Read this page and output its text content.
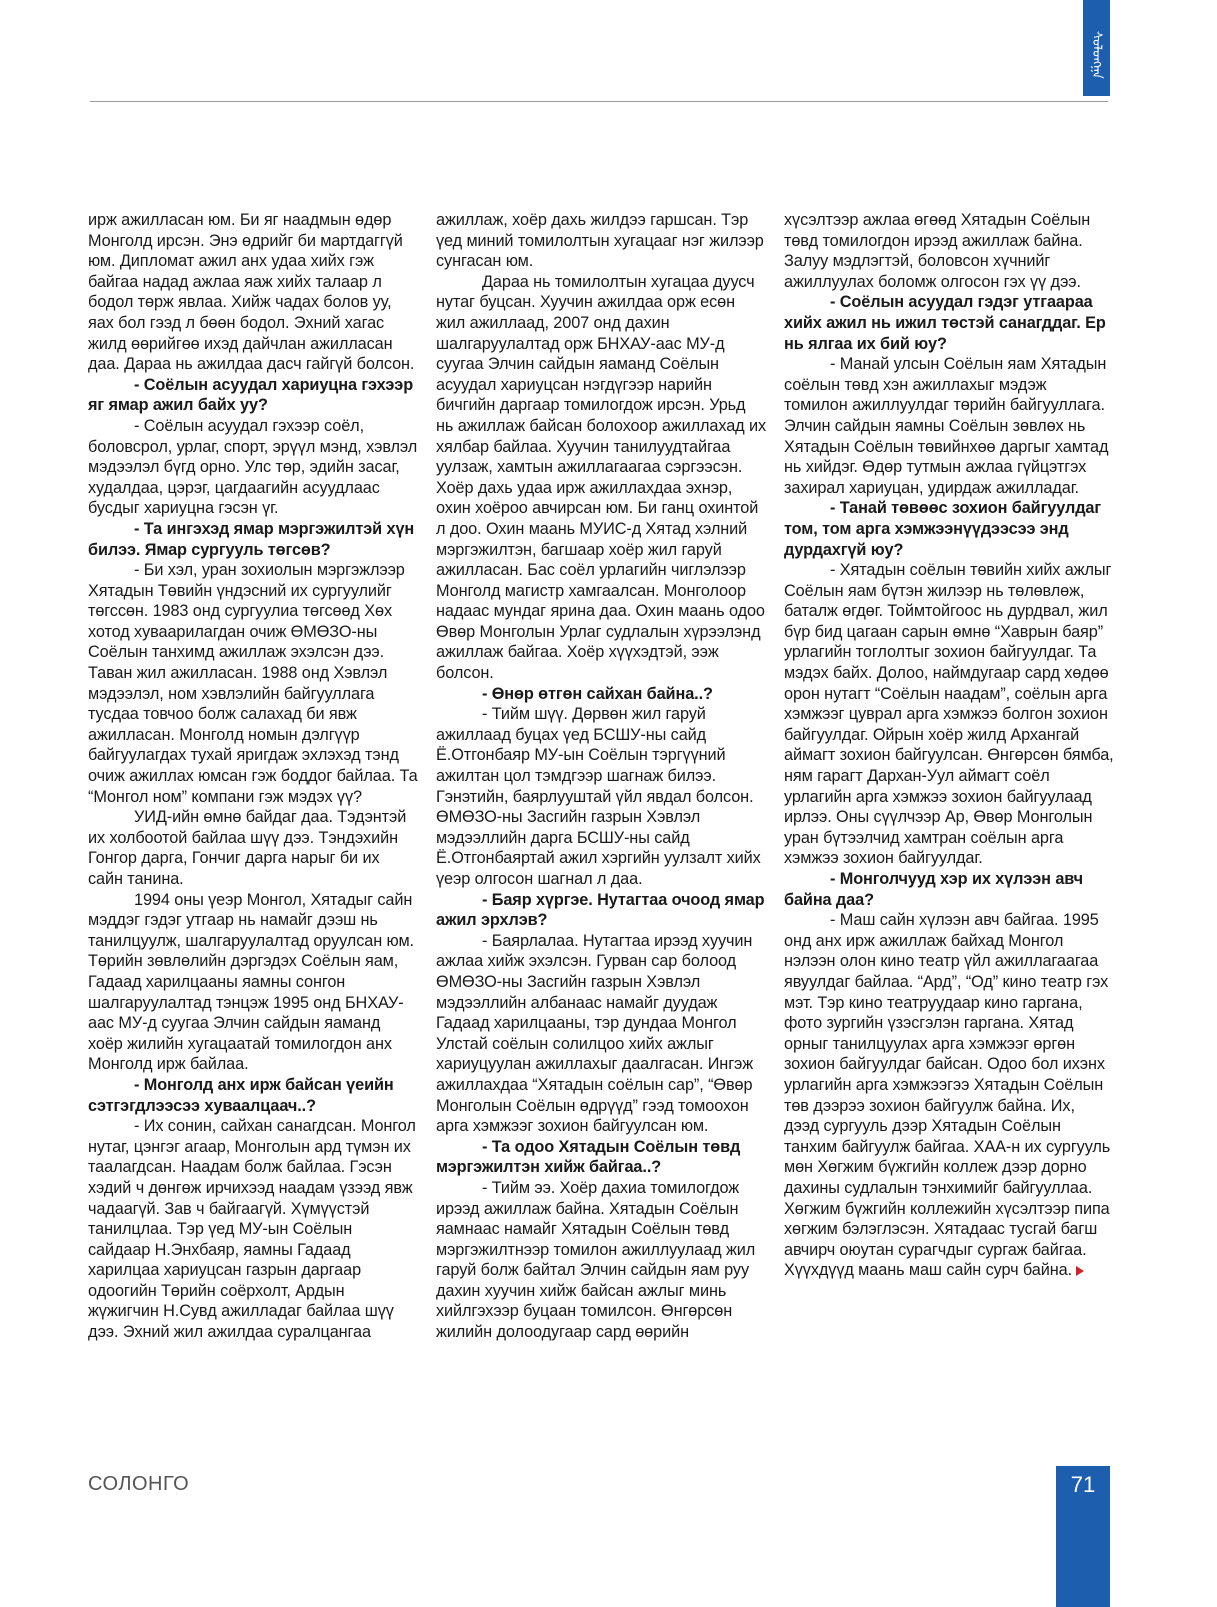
ᠰᠣᠯᠣᠩᠭ᠋ᠠ

ирж ажилласан юм. Би яг наадмын өдөр Монголд ирсэн. Энэ өдрийг би мартдаггүй юм. Дипломат ажил анх удаа хийх гэж байгаа надад ажлаа яаж хийх талаар л бодол төрж явлаа. Хийж чадах болов уу, яах бол гээд л бөөн бодол. Эхний хагас жилд өөрийгөө ихэд дайчлан ажилласан даа. Дараа нь ажилдаа дасч гайгүй болсон.

- Соёлын асуудал хариуцна гэхээр яг ямар ажил байх уу?

- Соёлын асуудал гэхээр соёл, боловсрол, урлаг, спорт, эрүүл мэнд, хэвлэл мэдээлэл бүгд орно. Улс төр, эдийн засаг, худалдаа, цэрэг, цагдаагийн асуудлаас бусдыг хариуцна гэсэн үг.

- Та ингэхэд ямар мэргэжилтэй хүн билээ. Ямар сургууль төгсөв?

- Би хэл, уран зохиолын мэргэжлээр Хятадын Төвийн үндэсний их сургуулийг төгссөн. 1983 онд сургуулиа төгсөөд Хөх хотод хуваарилагдан очиж ӨМӨЗО-ны Соёлын танхимд ажиллаж эхэлсэн дээ. Таван жил ажилласан. 1988 онд Хэвлэл мэдээлэл, ном хэвлэлийн байгууллага тусдаа товчоо болж салахад би явж ажилласан. Монголд номын дэлгүүр байгуулагдах тухай яригдаж эхлэхэд тэнд очиж ажиллах юмсан гэж боддог байлаа. Та “Монгол ном” компани гэж мэдэх үү?

УИД-ийн өмнө байдаг даа. Тэдэнтэй их холбоотой байлаа шүү дээ. Тэндэхийн Гонгор дарга, Гончиг дарга нарыг би их сайн танина.

1994 оны үеэр Монгол, Хятадыг сайн мэддэг гэдэг утгаар нь намайг дээш нь танилцуулж, шалгаруулалтад оруулсан юм. Төрийн зөвлөлийн дэргэдэх Соёлын яам, Гадаад харилцааны яамны сонгон шалгаруулалтад тэнцэж 1995 онд БНХАУ-аас МУ-д суугаа Элчин сайдын яаманд хоёр жилийн хугацаатай томилогдон анх Монголд ирж байлаа.

- Монголд анх ирж байсан үеийн сэтгэгдлээсээ хуваалцаач..?

- Их сонин, сайхан санагдсан. Монгол нутаг, цэнгэг агаар, Монголын ард түмэн их таалагдсан. Наадам болж байлаа. Гэсэн хэдий ч дөнгөж ирчихээд наадам үзээд явж чадаагүй. Зав ч байгаагүй. Хүмүүстэй танилцлаа. Тэр үед МУ-ын Соёлын сайдаар Н.Энхбаяр, яамны Гадаад харилцаа хариуцсан газрын даргаар одоогийн Төрийн соёрхолт, Ардын жүжигчин Н.Сувд ажилладаг байлаа шүү дээ. Эхний жил ажилдаа суралцангаа

ажиллаж, хоёр дахь жилдээ гаршсан. Тэр үед миний томилолтын хугацааг нэг жилээр сунгасан юм.

Дараа нь томилолтын хугацаа дуусч нутаг буцсан. Хуучин ажилдаа орж есөн жил ажиллаад, 2007 онд дахин шалгаруулалтад орж БНХАУ-аас МУ-д суугаа Элчин сайдын яаманд Соёлын асуудал хариуцсан нэгдүгээр нарийн бичгийн даргаар томилогдож ирсэн. Урьд нь ажиллаж байсан болохоор ажиллахад их хялбар байлаа. Хуучин танилуудтайгаа уулзаж, хамтын ажиллагаагаа сэргээсэн. Хоёр дахь удаа ирж ажиллахдаа эхнэр, охин хоёроо авчирсан юм. Би ганц охинтой л доо. Охин маань МУИС-д Хятад хэлний мэргэжилтэн, багшаар хоёр жил гаруй ажилласан. Бас соёл урлагийн чиглэлээр Монголд магистр хамгаалсан. Монголоор надаас мундаг ярина даа. Охин маань одоо Өвөр Монголын Урлаг судлалын хүрээлэнд ажиллаж байгаа. Хоёр хүүхэдтэй, ээж болсон.

- Өнөр өтгөн сайхан байна..?

- Тийм шүү. Дөрвөн жил гаруй ажиллаад буцах үед БСШУ-ны сайд Ё.Отгонбаяр МУ-ын Соёлын тэргүүний ажилтан цол тэмдгээр шагнаж билээ. Гэнэтийн, баярлууштай үйл явдал болсон. ӨМӨЗО-ны Засгийн газрын Хэвлэл мэдээллийн дарга БСШУ-ны сайд Ё.Отгонбаяртай ажил хэргийн уулзалт хийх үеэр олгосон шагнал л даа.

- Баяр хүргэе. Нутагтаа очоод ямар ажил эрхлэв?

- Баярлалаа. Нутагтаа ирээд хуучин ажлаа хийж эхэлсэн. Гурван сар болоод ӨМӨЗО-ны Засгийн газрын Хэвлэл мэдээллийн албанаас намайг дуудаж Гадаад харилцааны, тэр дундаа Монгол Улстай соёлын солилцоо хийх ажлыг хариуцуулан ажиллахыг даалгасан. Ингэж ажиллахдаа “Хятадын соёлын сар”, “Өвөр Монголын Соёлын өдрүүд” гээд томоохон арга хэмжээг зохион байгуулсан юм.

- Та одоо Хятадын Соёлын төвд мэргэжилтэн хийж байгаа..?

- Тийм ээ. Хоёр дахиа томилогдож ирээд ажиллаж байна. Хятадын Соёлын яамнаас намайг Хятадын Соёлын төвд мэргэжилтнээр томилон ажиллуулаад жил гаруй болж байтал Элчин сайдын яам руу дахин хуучин хийж байсан ажлыг минь хийлгэхээр буцаан томилсон. Өнгөрсөн жилийн долоодугаар сард өөрийн

хүсэлтээр ажлаа өгөөд Хятадын Соёлын төвд томилогдон ирээд ажиллаж байна. Залуу мэдлэгтэй, боловсон хүчнийг ажиллуулах боломж олгосон гэх үү дээ.

- Соёлын асуудал гэдэг утгаараа хийх ажил нь ижил төстэй санагддаг. Ер нь ялгаа их бий юу?

- Манай улсын Соёлын яам Хятадын соёлын төвд хэн ажиллахыг мэдэж томилон ажиллуулдаг төрийн байгууллага. Элчин сайдын яамны Соёлын зөвлөх нь Хятадын Соёлын төвийнхөө даргыг хамтад нь хийдэг. Өдөр тутмын ажлаа гүйцэтгэх захирал хариуцан, удирдаж ажилладаг.

- Танай төвөөс зохион байгуулдаг том, том арга хэмжээнүүдээсээ энд дурдахгүй юу?

- Хятадын соёлын төвийн хийх ажлыг Соёлын яам бүтэн жилээр нь төлөвлөж, баталж өгдөг. Тоймтойгоос нь дурдвал, жил бүр бид цагаан сарын өмнө “Хаврын баяр” урлагийн тоглолтыг зохион байгуулдаг. Та мэдэх байх. Долоо, наймдугаар сард хөдөө орон нутагт “Соёлын наадам”, соёлын арга хэмжээг цуврал арга хэмжээ болгон зохион байгуулдаг. Ойрын хоёр жилд Архангай аймагт зохион байгуулсан. Өнгөрсөн бямба, ням гарагт Дархан-Уул аймагт соёл урлагийн арга хэмжээ зохион байгуулаад ирлээ. Оны сүүлчээр Ар, Өвөр Монголын уран бүтээлчид хамтран соёлын арга хэмжээ зохион байгуулдаг.

- Монголчууд хэр их хүлээн авч байна даа?

- Маш сайн хүлээн авч байгаа. 1995 онд анх ирж ажиллаж байхад Монгол нэлээн олон кино театр үйл ажиллагаагаа явуулдаг байлаа. “Ард”, “Од” кино театр гэх мэт. Тэр кино театруудаар кино гаргана, фото зургийн үзэсгэлэн гаргана. Хятад орныг танилцуулах арга хэмжээг өргөн зохион байгуулдаг байсан. Одоо бол ихэнх урлагийн арга хэмжээгээ Хятадын Соёлын төв дээрээ зохион байгуулж байна. Их, дээд сургууль дээр Хятадын Соёлын танхим байгуулж байгаа. ХАА-н их сургууль мөн Хөгжим бүжгийн коллеж дээр дорно дахины судлалын тэнхимийг байгууллаа. Хөгжим бүжгийн коллежийн хүсэлтээр пипа хөгжим бэлэглэсэн. Хятадаас тусгай багш авчирч оюутан сурагчдыг сургаж байгаа. Хүүхдүүд маань маш сайн сурч байна.

СОЛОНГО	71
